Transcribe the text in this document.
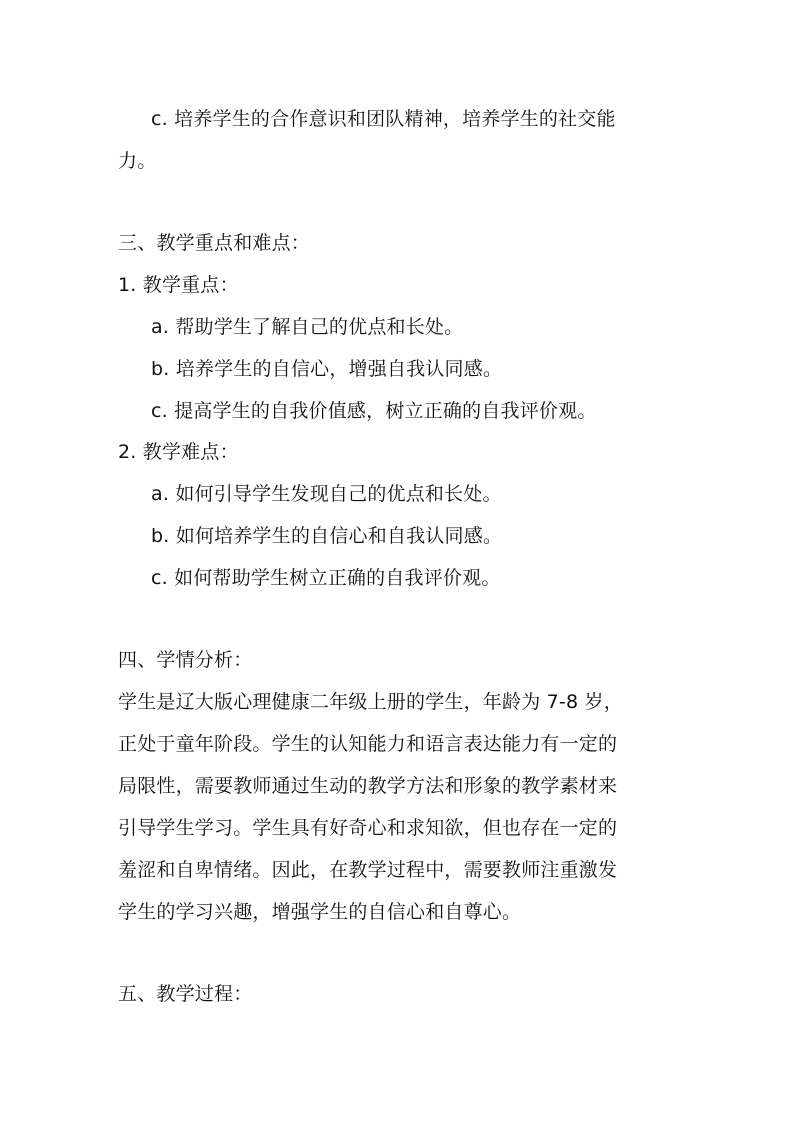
c. 培养学生的合作意识和团队精神，培养学生的社交能
力。
三、教学重点和难点：
1. 教学重点：
a. 帮助学生了解自己的优点和长处。
b. 培养学生的自信心，增强自我认同感。
c. 提高学生的自我价值感，树立正确的自我评价观。
2. 教学难点：
a. 如何引导学生发现自己的优点和长处。
b. 如何培养学生的自信心和自我认同感。
c. 如何帮助学生树立正确的自我评价观。
四、学情分析：
学生是辽大版心理健康二年级上册的学生，年龄为 7-8 岁，
正处于童年阶段。学生的认知能力和语言表达能力有一定的
局限性，需要教师通过生动的教学方法和形象的教学素材来
引导学生学习。学生具有好奇心和求知欲，但也存在一定的
羞涩和自卑情绪。因此，在教学过程中，需要教师注重激发
学生的学习兴趣，增强学生的自信心和自尊心。
五、教学过程：
